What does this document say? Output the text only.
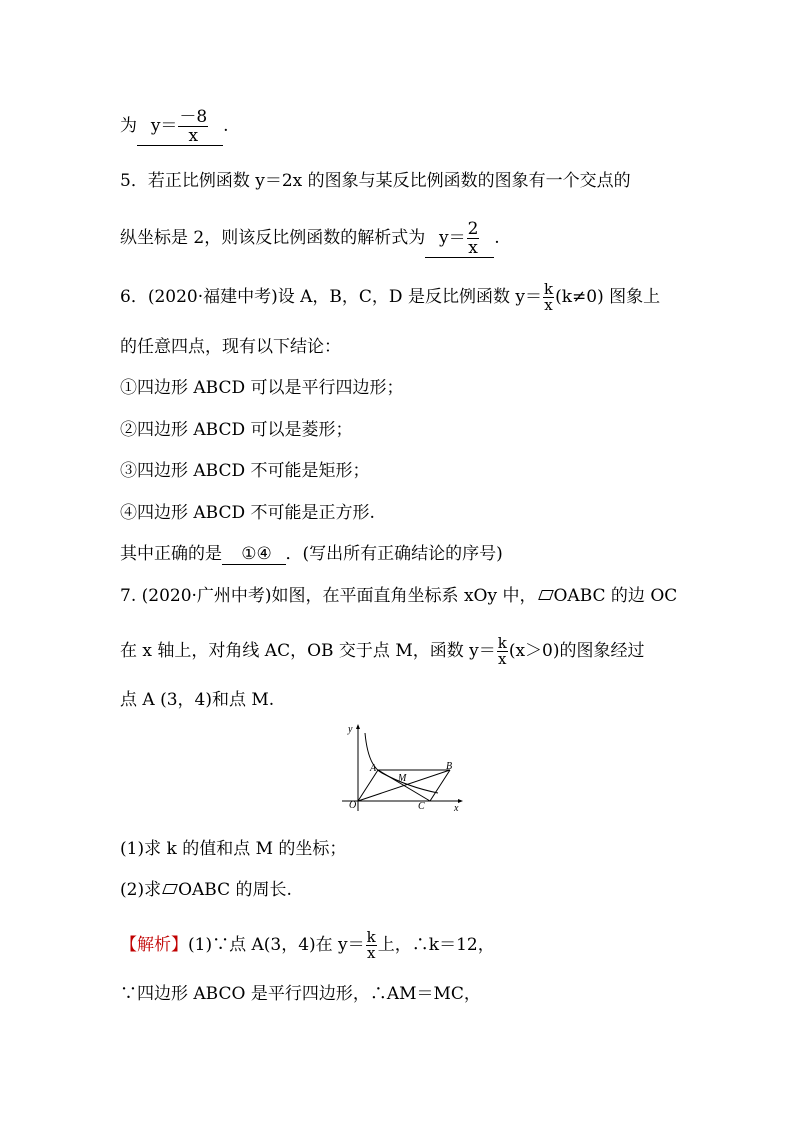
为 $y= \frac{-8}{x}$ .
5．若正比例函数 y＝2x 的图象与某反比例函数的图象有一个交点的
纵坐标是 2，则该反比例函数的解析式为 $y= \frac{2}{x}$ .
6．(2020·福建中考)设 A，B，C，D 是反比例函数 $y= \frac{k}{x} (k\ne 0)$ 图象上
的任意四点，现有以下结论：
①四边形 ABCD 可以是平行四边形；
②四边形 ABCD 可以是菱形；
③四边形 ABCD 不可能是矩形；
④四边形 ABCD 不可能是正方形.
其中正确的是 ①④ ．(写出所有正确结论的序号)
7. (2020·广州中考)如图，在平面直角坐标系 xOy 中， OABC 的边 OC
在 x 轴上，对角线 AC，OB 交于点 M，函数 $y= \frac{k}{x} (x>0)$的图象经过
点 A (3，4)和点 M.
y
x
O
A
M
B
C
(1)求 k 的值和点 M 的坐标；
(2)求 OABC 的周长.
【解析】(1)∵点 A(3，4)在 $y= \frac{k}{x}$ 上，∴k＝12，
∵四边形 ABCO 是平行四边形，∴AM＝MC，
